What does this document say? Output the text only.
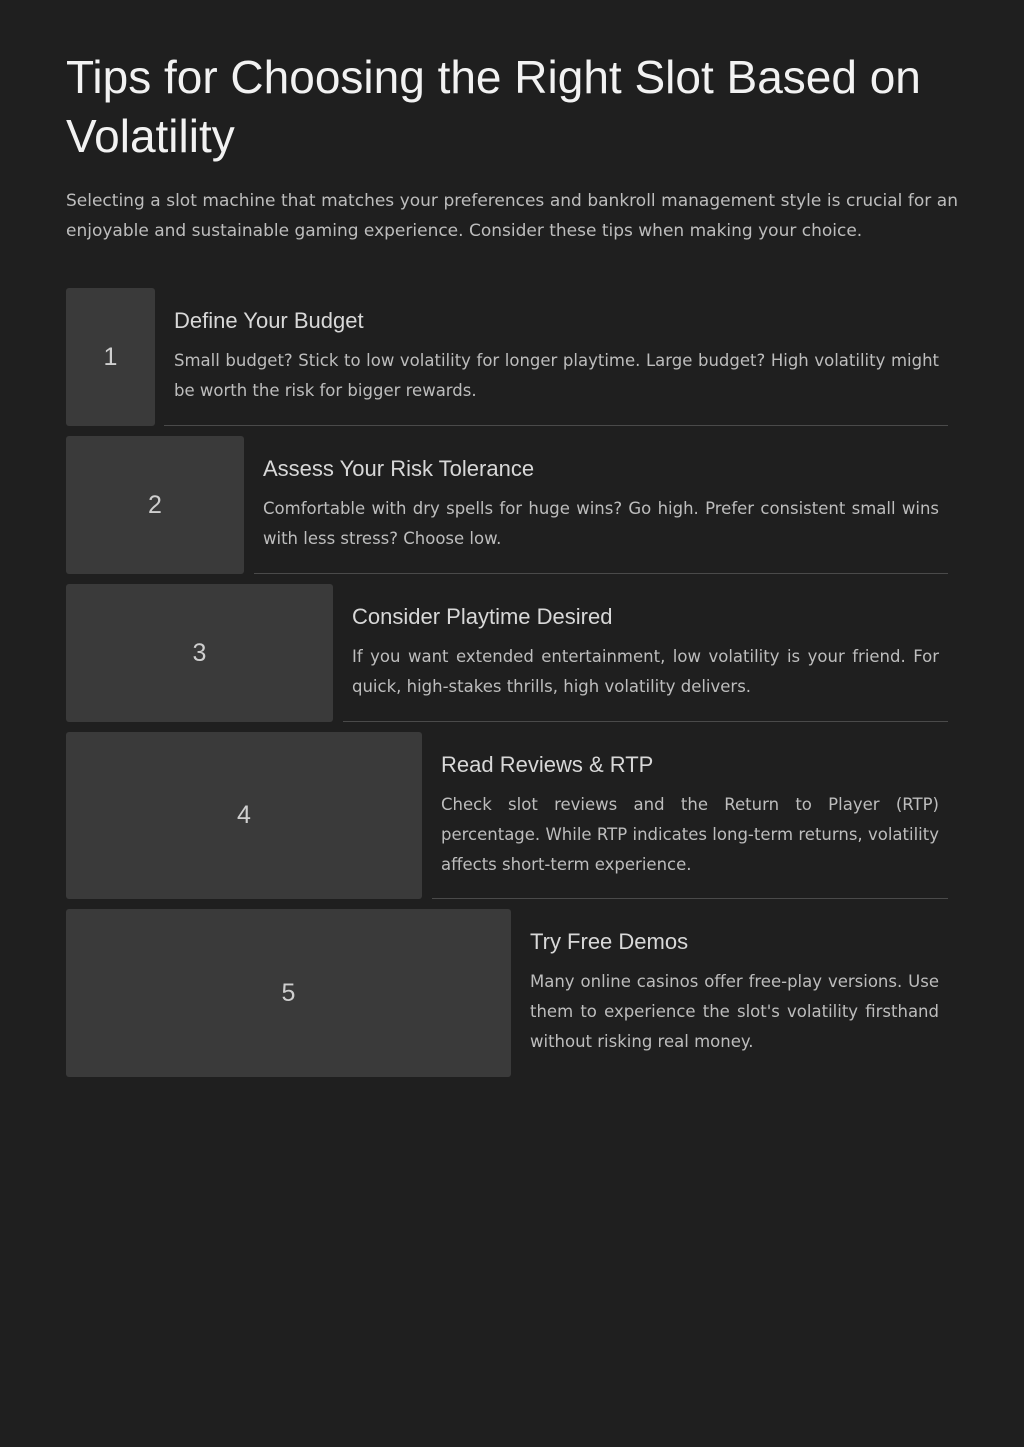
Tips for Choosing the Right Slot Based on Volatility

Selecting a slot machine that matches your preferences and bankroll management style is crucial for an enjoyable and sustainable gaming experience. Consider these tips when making your choice.

1
Define Your Budget

Small budget? Stick to low volatility for longer playtime. Large budget? High volatility might be worth the risk for bigger rewards.

2
Assess Your Risk Tolerance

Comfortable with dry spells for huge wins? Go high. Prefer consistent small wins with less stress? Choose low.

3
Consider Playtime Desired

If you want extended entertainment, low volatility is your friend. For quick, high-stakes thrills, high volatility delivers.

4
Read Reviews & RTP

Check slot reviews and the Return to Player (RTP) percentage. While RTP indicates long-term returns, volatility affects short-term experience.

5
Try Free Demos

Many online casinos offer free-play versions. Use them to experience the slot's volatility firsthand without risking real money.
